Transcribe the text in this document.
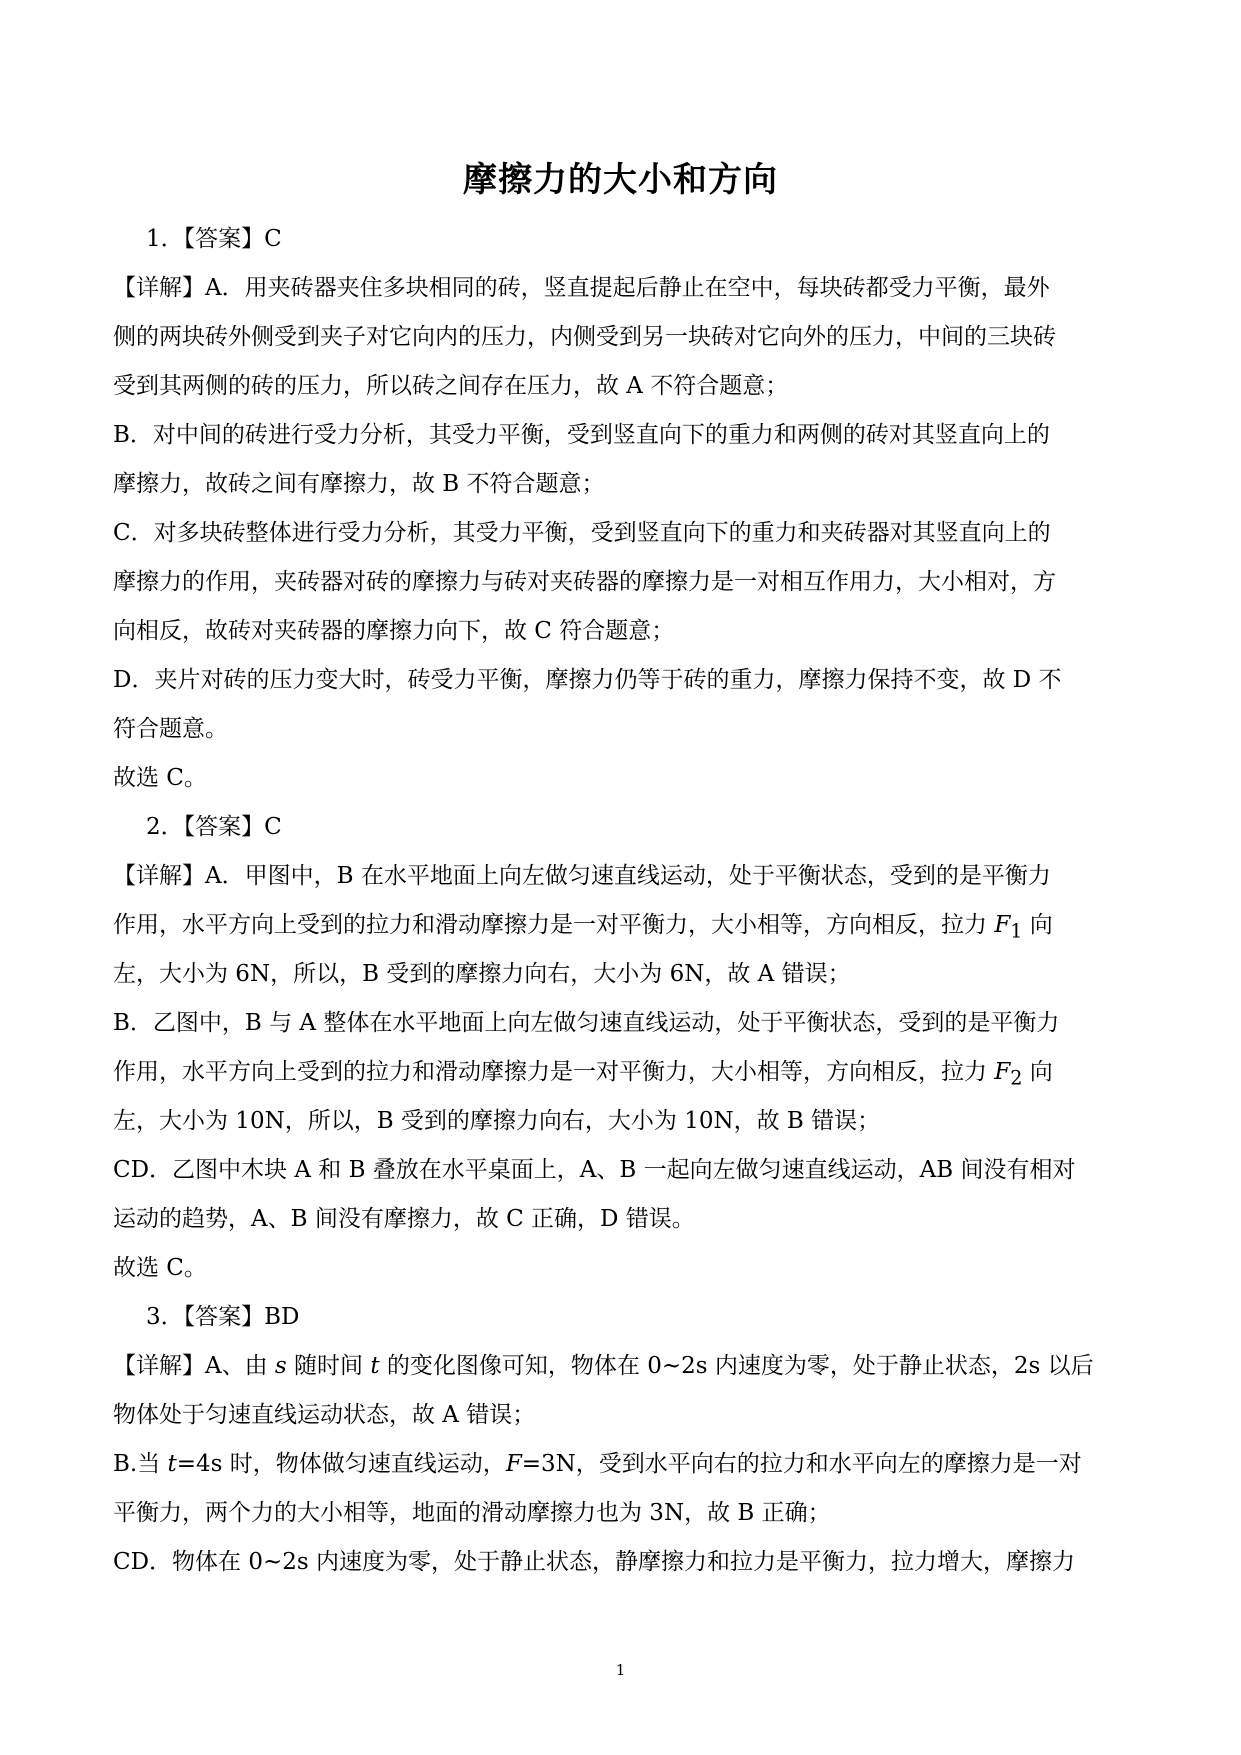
摩擦力的大小和方向
1．【答案】C
【详解】A．用夹砖器夹住多块相同的砖，竖直提起后静止在空中，每块砖都受力平衡，最外
侧的两块砖外侧受到夹子对它向内的压力，内侧受到另一块砖对它向外的压力，中间的三块砖
受到其两侧的砖的压力，所以砖之间存在压力，故 A 不符合题意；
B．对中间的砖进行受力分析，其受力平衡，受到竖直向下的重力和两侧的砖对其竖直向上的
摩擦力，故砖之间有摩擦力，故 B 不符合题意；
C．对多块砖整体进行受力分析，其受力平衡，受到竖直向下的重力和夹砖器对其竖直向上的
摩擦力的作用，夹砖器对砖的摩擦力与砖对夹砖器的摩擦力是一对相互作用力，大小相对，方
向相反，故砖对夹砖器的摩擦力向下，故 C 符合题意；
D．夹片对砖的压力变大时，砖受力平衡，摩擦力仍等于砖的重力，摩擦力保持不变，故 D 不
符合题意。
故选 C。
2．【答案】C
【详解】A．甲图中，B 在水平地面上向左做匀速直线运动，处于平衡状态，受到的是平衡力
作用，水平方向上受到的拉力和滑动摩擦力是一对平衡力，大小相等，方向相反，拉力 $F_1$ 向
左，大小为 6N，所以，B 受到的摩擦力向右，大小为 6N，故 A 错误；
B．乙图中，B 与 A 整体在水平地面上向左做匀速直线运动，处于平衡状态，受到的是平衡力
作用，水平方向上受到的拉力和滑动摩擦力是一对平衡力，大小相等，方向相反，拉力 $F_2$ 向
左，大小为 10N，所以，B 受到的摩擦力向右，大小为 10N，故 B 错误；
CD．乙图中木块 A 和 B 叠放在水平桌面上，A、B 一起向左做匀速直线运动，AB 间没有相对
运动的趋势，A、B 间没有摩擦力，故 C 正确，D 错误。
故选 C。
3．【答案】BD
【详解】A、由 s 随时间 t 的变化图像可知，物体在 0~2s 内速度为零，处于静止状态，2s 以后
物体处于匀速直线运动状态，故 A 错误；
B.当 t=4s 时，物体做匀速直线运动，F=3N，受到水平向右的拉力和水平向左的摩擦力是一对
平衡力，两个力的大小相等，地面的滑动摩擦力也为 3N，故 B 正确；
CD．物体在 0~2s 内速度为零，处于静止状态，静摩擦力和拉力是平衡力，拉力增大，摩擦力
1
